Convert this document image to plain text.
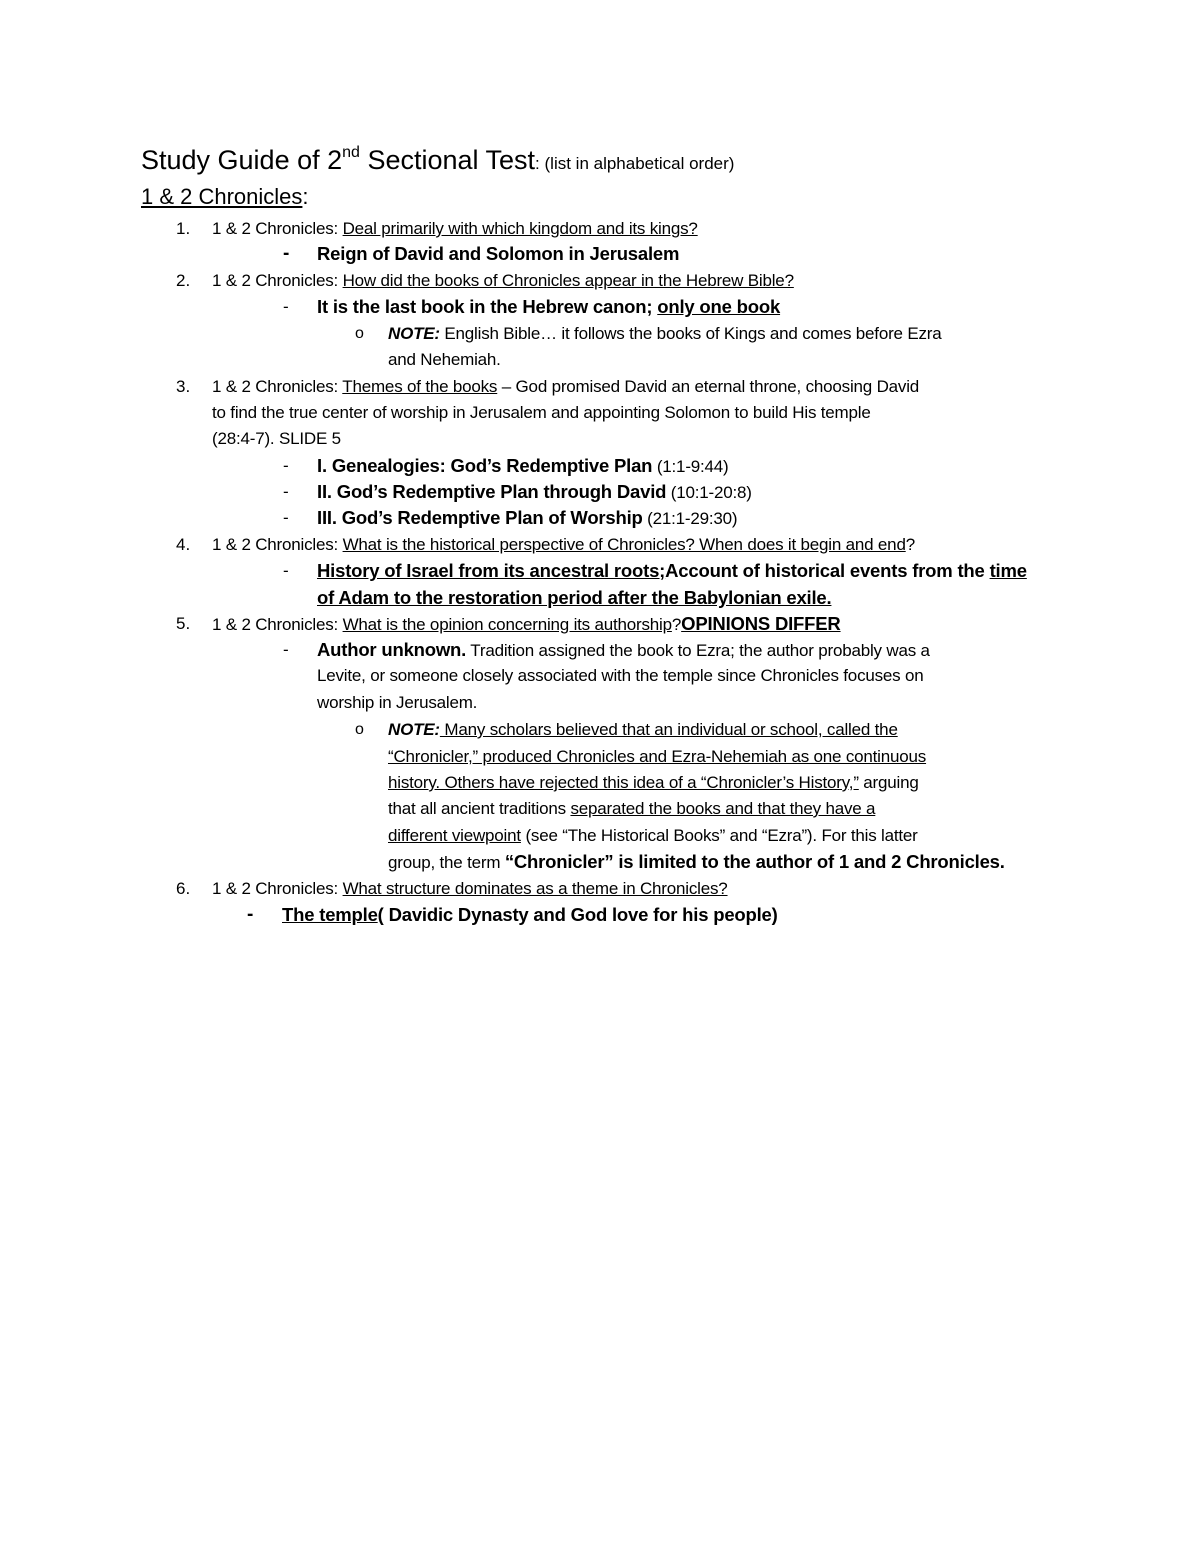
Study Guide of 2nd Sectional Test: (list in alphabetical order)
1 & 2 Chronicles:
1. 1 & 2 Chronicles: Deal primarily with which kingdom and its kings?
- Reign of David and Solomon in Jerusalem
2. 1 & 2 Chronicles: How did the books of Chronicles appear in the Hebrew Bible?
- It is the last book in the Hebrew canon; only one book
o NOTE: English Bible… it follows the books of Kings and comes before Ezra
and Nehemiah.
3. 1 & 2 Chronicles: Themes of the books – God promised David an eternal throne, choosing David
to find the true center of worship in Jerusalem and appointing Solomon to build His temple
(28:4-7). SLIDE 5
- I. Genealogies: God’s Redemptive Plan (1:1-9:44)
- II. God’s Redemptive Plan through David (10:1-20:8)
- III. God’s Redemptive Plan of Worship (21:1-29:30)
4. 1 & 2 Chronicles: What is the historical perspective of Chronicles? When does it begin and end?
- History of Israel from its ancestral roots;Account of historical events from the time
of Adam to the restoration period after the Babylonian exile.
5. 1 & 2 Chronicles: What is the opinion concerning its authorship?OPINIONS DIFFER
- Author unknown. Tradition assigned the book to Ezra; the author probably was a
Levite, or someone closely associated with the temple since Chronicles focuses on
worship in Jerusalem.
o NOTE: Many scholars believed that an individual or school, called the
“Chronicler,” produced Chronicles and Ezra-Nehemiah as one continuous
history. Others have rejected this idea of a “Chronicler’s History,” arguing
that all ancient traditions separated the books and that they have a
different viewpoint (see “The Historical Books” and “Ezra”). For this latter
group, the term “Chronicler” is limited to the author of 1 and 2 Chronicles.
6. 1 & 2 Chronicles: What structure dominates as a theme in Chronicles?
- The temple( Davidic Dynasty and God love for his people)
